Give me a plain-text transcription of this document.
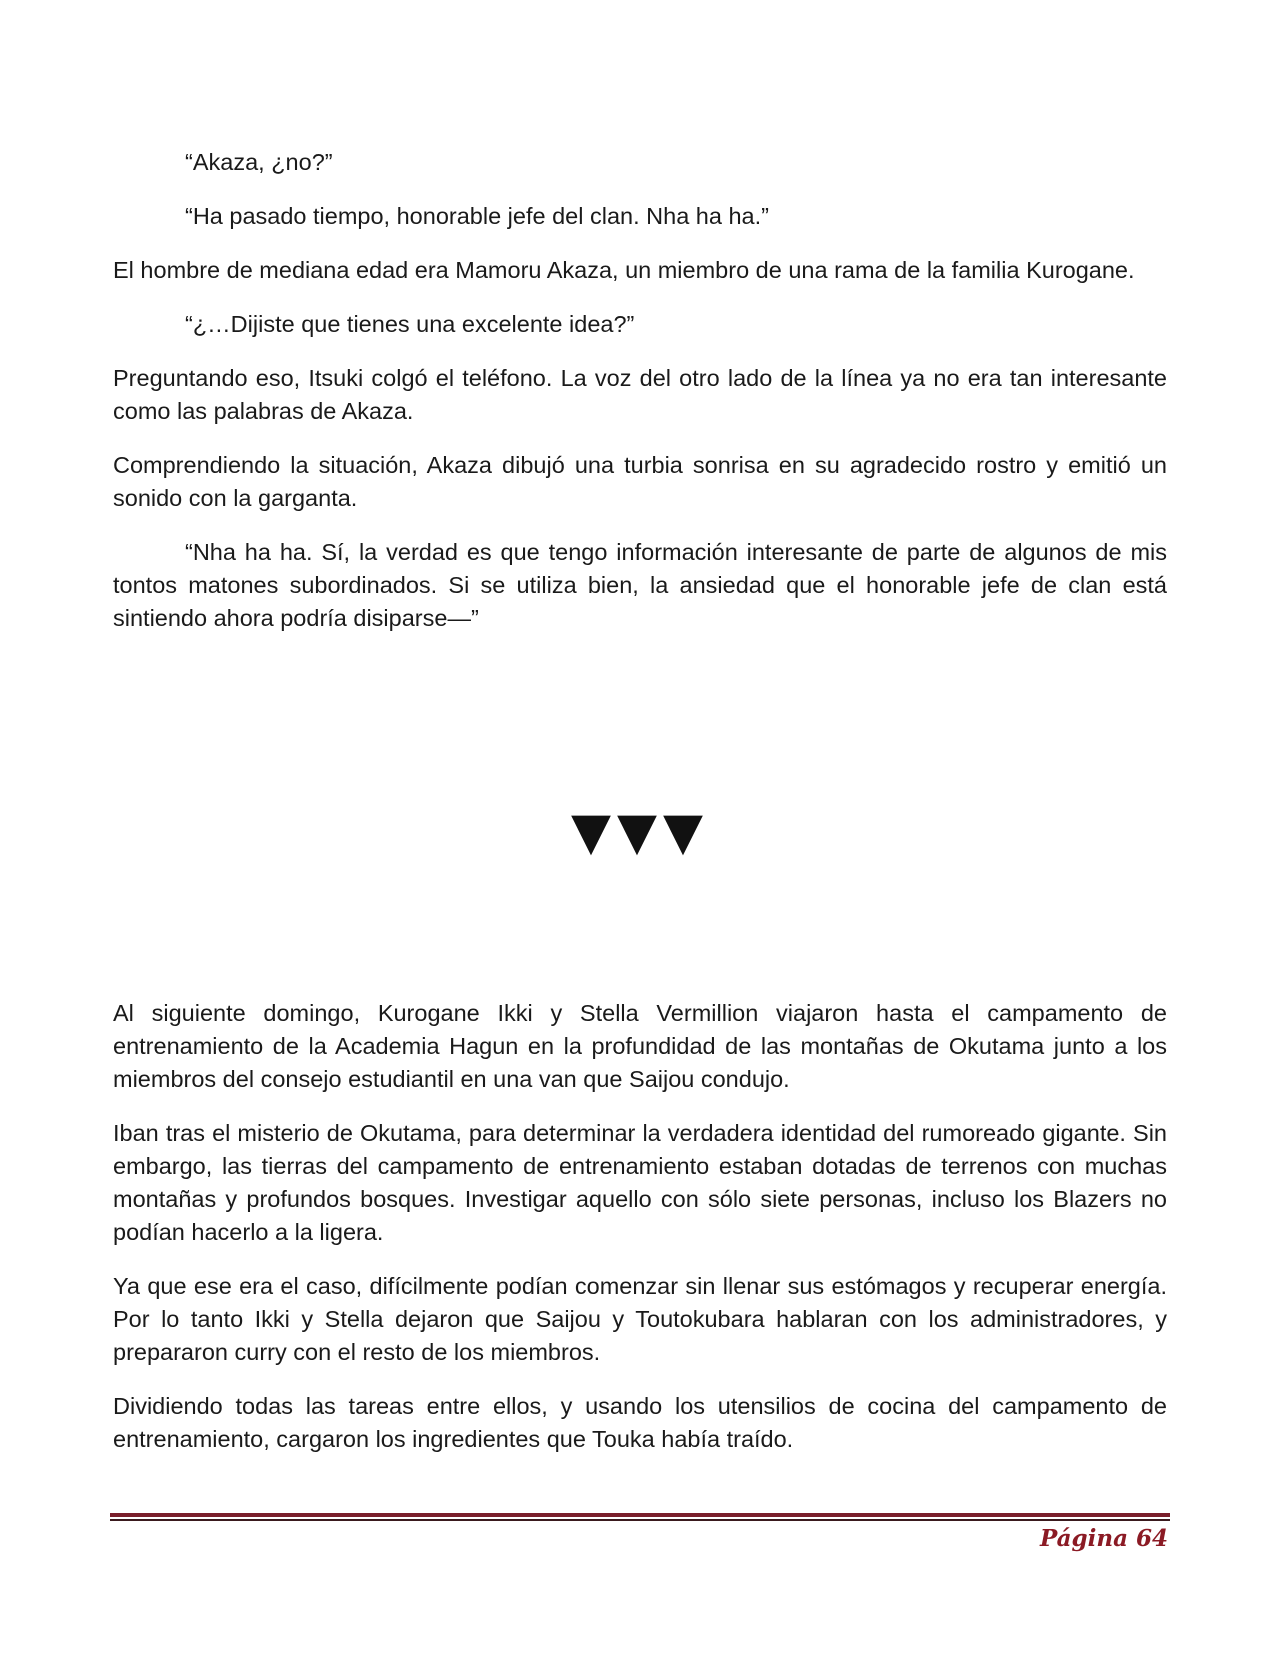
“Akaza, ¿no?”

“Ha pasado tiempo, honorable jefe del clan. Nha ha ha.”

El hombre de mediana edad era Mamoru Akaza, un miembro de una rama de la familia Kurogane.

“¿…Dijiste que tienes una excelente idea?”

Preguntando eso, Itsuki colgó el teléfono. La voz del otro lado de la línea ya no era tan interesante como las palabras de Akaza.

Comprendiendo la situación, Akaza dibujó una turbia sonrisa en su agradecido rostro y emitió un sonido con la garganta.

“Nha ha ha. Sí, la verdad es que tengo información interesante de parte de algunos de mis tontos matones subordinados. Si se utiliza bien, la ansiedad que el honorable jefe de clan está sintiendo ahora podría disiparse—”

▼▼▼

Al siguiente domingo, Kurogane Ikki y Stella Vermillion viajaron hasta el campamento de entrenamiento de la Academia Hagun en la profundidad de las montañas de Okutama junto a los miembros del consejo estudiantil en una van que Saijou condujo.

Iban tras el misterio de Okutama, para determinar la verdadera identidad del rumoreado gigante. Sin embargo, las tierras del campamento de entrenamiento estaban dotadas de terrenos con muchas montañas y profundos bosques. Investigar aquello con sólo siete personas, incluso los Blazers no podían hacerlo a la ligera.

Ya que ese era el caso, difícilmente podían comenzar sin llenar sus estómagos y recuperar energía. Por lo tanto Ikki y Stella dejaron que Saijou y Toutokubara hablaran con los administradores, y prepararon curry con el resto de los miembros.

Dividiendo todas las tareas entre ellos, y usando los utensilios de cocina del campamento de entrenamiento, cargaron los ingredientes que Touka había traído.

Página 64
